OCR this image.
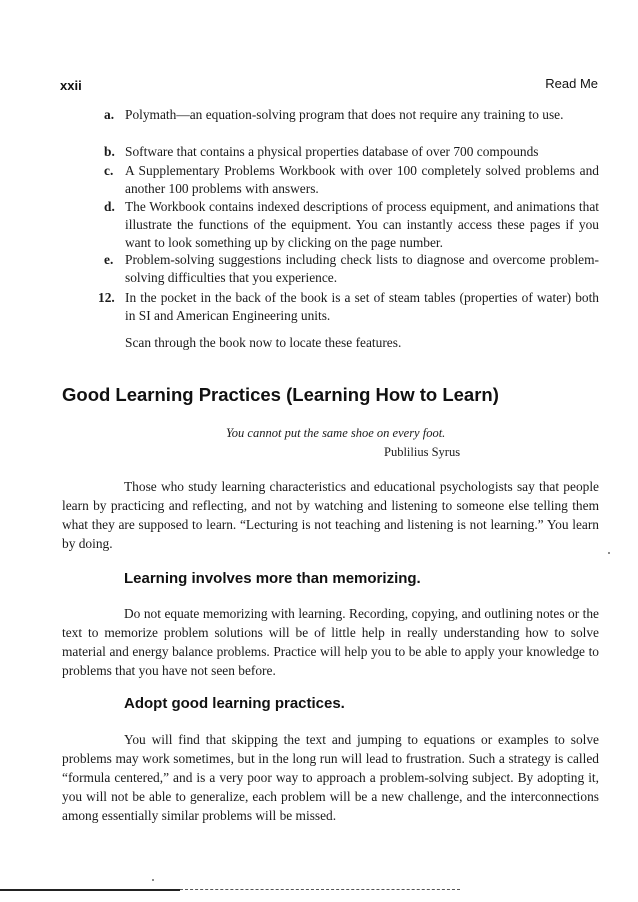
xxii	Read Me
a. Polymath—an equation-solving program that does not require any training to use.
b. Software that contains a physical properties database of over 700 compounds
c. A Supplementary Problems Workbook with over 100 completely solved problems and another 100 problems with answers.
d. The Workbook contains indexed descriptions of process equipment, and animations that illustrate the functions of the equipment. You can instantly access these pages if you want to look something up by clicking on the page number.
e. Problem-solving suggestions including check lists to diagnose and overcome problem-solving difficulties that you experience.
12. In the pocket in the back of the book is a set of steam tables (properties of water) both in SI and American Engineering units.
Scan through the book now to locate these features.
Good Learning Practices (Learning How to Learn)
You cannot put the same shoe on every foot.
Publilius Syrus
Those who study learning characteristics and educational psychologists say that people learn by practicing and reflecting, and not by watching and listening to someone else telling them what they are supposed to learn. “Lecturing is not teaching and listening is not learning.” You learn by doing.
Learning involves more than memorizing.
Do not equate memorizing with learning. Recording, copying, and outlining notes or the text to memorize problem solutions will be of little help in really understanding how to solve material and energy balance problems. Practice will help you to be able to apply your knowledge to problems that you have not seen before.
Adopt good learning practices.
You will find that skipping the text and jumping to equations or examples to solve problems may work sometimes, but in the long run will lead to frustration. Such a strategy is called “formula centered,” and is a very poor way to approach a problem-solving subject. By adopting it, you will not be able to generalize, each problem will be a new challenge, and the interconnections among essentially similar problems will be missed.
